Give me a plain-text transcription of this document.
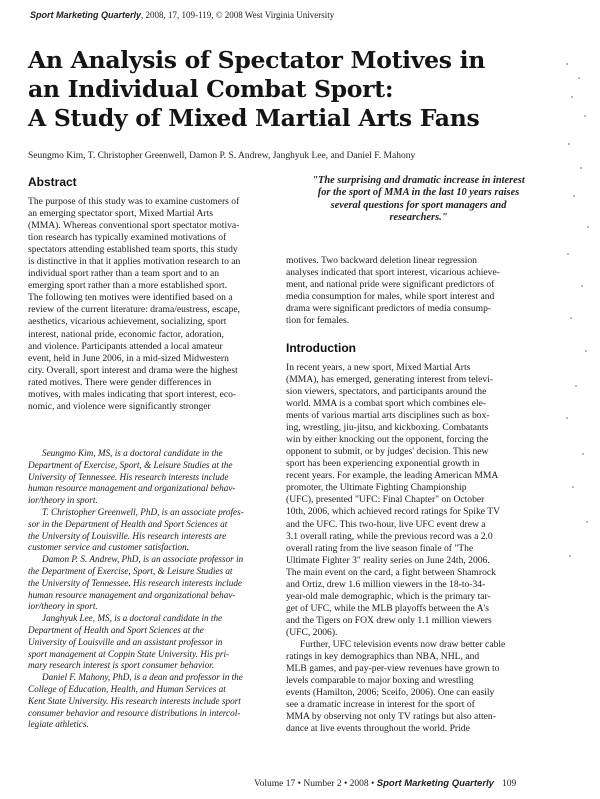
Sport Marketing Quarterly, 2008, 17, 109-119, © 2008 West Virginia University
An Analysis of Spectator Motives in
an Individual Combat Sport:
A Study of Mixed Martial Arts Fans
Seungmo Kim, T. Christopher Greenwell, Damon P. S. Andrew, Janghyuk Lee, and Daniel F. Mahony
Abstract

The purpose of this study was to examine customers of
an emerging spectator sport, Mixed Martial Arts
(MMA). Whereas conventional sport spectator motiva-
tion research has typically examined motivations of
spectators attending established team sports, this study
is distinctive in that it applies motivation research to an
individual sport rather than a team sport and to an
emerging sport rather than a more established sport.
The following ten motives were identified based on a
review of the current literature: drama/eustress, escape,
aesthetics, vicarious achievement, socializing, sport
interest, national pride, economic factor, adoration,
and violence. Participants attended a local amateur
event, held in June 2006, in a mid-sized Midwestern
city. Overall, sport interest and drama were the highest
rated motives. There were gender differences in
motives, with males indicating that sport interest, eco-
nomic, and violence were significantly stronger

Seungmo Kim, MS, is a doctoral candidate in the
Department of Exercise, Sport, & Leisure Studies at the
University of Tennessee. His research interests include
human resource management and organizational behav-
ior/theory in sport.
T. Christopher Greenwell, PhD, is an associate profes-
sor in the Department of Health and Sport Sciences at
the University of Louisville. His research interests are
customer service and customer satisfaction.
Damon P. S. Andrew, PhD, is an associate professor in
the Department of Exercise, Sport, & Leisure Studies at
the University of Tennessee. His research interests include
human resource management and organizational behav-
ior/theory in sport.
Janghyuk Lee, MS, is a doctoral candidate in the
Department of Health and Sport Sciences at the
University of Louisville and an assistant professor in
sport management at Coppin State University. His pri-
mary research interest is sport consumer behavior.
Daniel F. Mahony, PhD, is a dean and professor in the
College of Education, Health, and Human Services at
Kent State University. His research interests include sport
consumer behavior and resource distributions in intercol-
legiate athletics.
"The surprising and dramatic increase in interest
for the sport of MMA in the last 10 years raises
several questions for sport managers and
researchers."

motives. Two backward deletion linear regression
analyses indicated that sport interest, vicarious achieve-
ment, and national pride were significant predictors of
media consumption for males, while sport interest and
drama were significant predictors of media consump-
tion for females.

Introduction

In recent years, a new sport, Mixed Martial Arts
(MMA), has emerged, generating interest from televi-
sion viewers, spectators, and participants around the
world. MMA is a combat sport which combines ele-
ments of various martial arts disciplines such as box-
ing, wrestling, jiu-jitsu, and kickboxing. Combatants
win by either knocking out the opponent, forcing the
opponent to submit, or by judges' decision. This new
sport has been experiencing exponential growth in
recent years. For example, the leading American MMA
promoter, the Ultimate Fighting Championship
(UFC), presented "UFC: Final Chapter" on October
10th, 2006, which achieved record ratings for Spike TV
and the UFC. This two-hour, live UFC event drew a
3.1 overall rating, while the previous record was a 2.0
overall rating from the live season finale of "The
Ultimate Fighter 3" reality series on June 24th, 2006.
The main event on the card, a fight between Shamrock
and Ortiz, drew 1.6 million viewers in the 18-to-34-
year-old male demographic, which is the primary tar-
get of UFC, while the MLB playoffs between the A's
and the Tigers on FOX drew only 1.1 million viewers
(UFC, 2006).

Further, UFC television events now draw better cable
ratings in key demographics than NBA, NHL, and
MLB games, and pay-per-view revenues have grown to
levels comparable to major boxing and wrestling
events (Hamilton, 2006; Sceifo, 2006). One can easily
see a dramatic increase in interest for the sport of
MMA by observing not only TV ratings but also atten-
dance at live events throughout the world. Pride

Volume 17 • Number 2 • 2008 • Sport Marketing Quarterly 109
